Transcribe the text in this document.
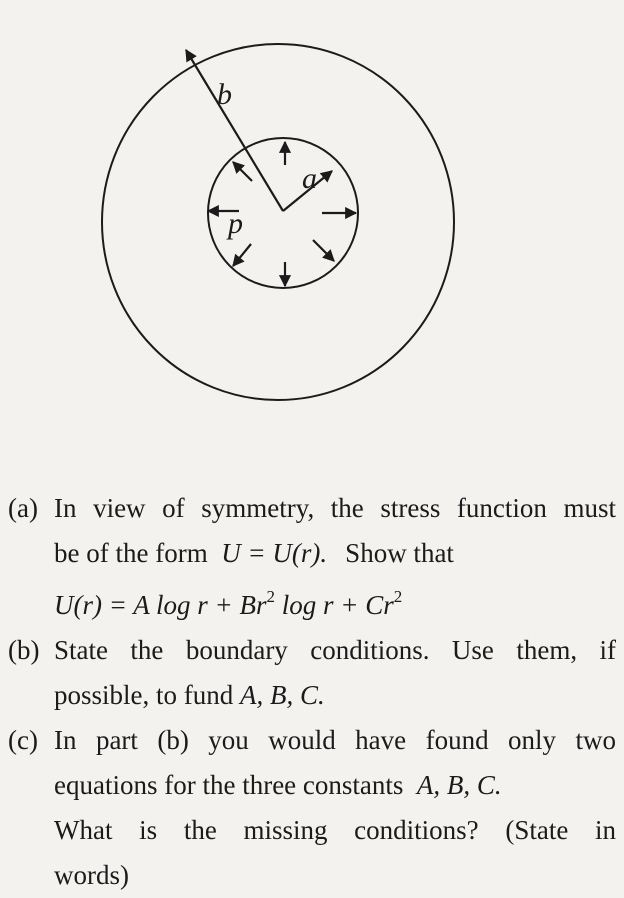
b
a
p
(a) In view of symmetry, the stress function must
be of the form U = U(r). Show that
U(r) = A $\log r + Br^2$ $\log r + Cr^2$
(b) State the boundary conditions. Use them, if
possible, to fund A, B, C.
(c) In part (b) you would have found only two
equations for the three constants A, B, C.
What is the missing conditions? (State in
words)
